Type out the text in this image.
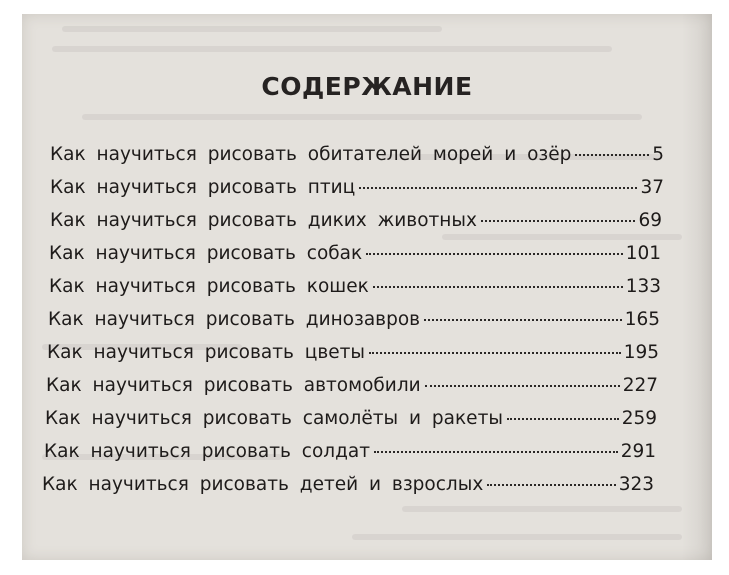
СОДЕРЖАНИЕ
Как научиться рисовать обитателей морей и озёр	5
Как научиться рисовать птиц	37
Как научиться рисовать диких животных	69
Как научиться рисовать собак	101
Как научиться рисовать кошек	133
Как научиться рисовать динозавров	165
Как научиться рисовать цветы	195
Как научиться рисовать автомобили	227
Как научиться рисовать самолёты и ракеты	259
Как научиться рисовать солдат	291
Как научиться рисовать детей и взрослых	323
